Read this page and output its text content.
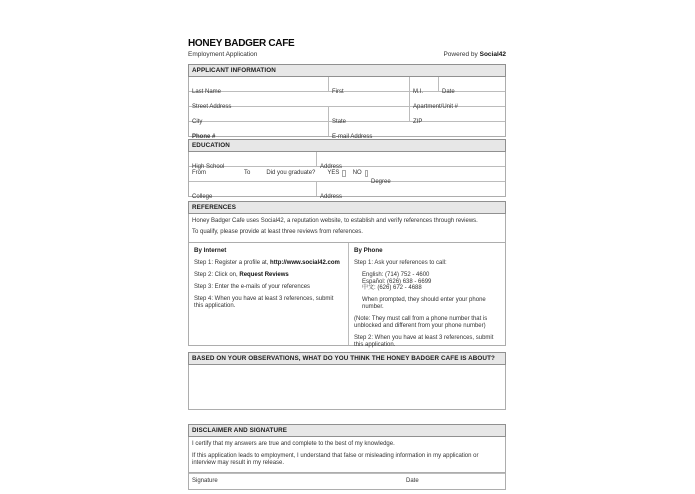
HONEY BADGER CAFE
Employment Application	Powered by Social42
APPLICANT INFORMATION
Last Name	First	M.I.	Date
Street Address	Apartment/Unit #
City	State	ZIP
Phone #	E-mail Address
EDUCATION
High School	Address
From	To	Did you graduate? YES NO
Degree
College	Address
REFERENCES

Honey Badger Cafe uses Social42, a reputation website, to establish and verify references through reviews.

To qualify, please provide at least three reviews from references.

By Internet

Step 1: Register a profile at, http://www.social42.com

Step 2: Click on, Request Reviews

Step 3: Enter the e-mails of your references

Step 4: When you have at least 3 references, submit this application.

By Phone

Step 1: Ask your references to call:

English: (714) 752 - 4600
Español: (626) 638 - 6699
中文: (626) 672 - 4688

When prompted, they should enter your phone number.

(Note: They must call from a phone number that is unblocked and different from your phone number)

Step 2: When you have at least 3 references, submit this application.

BASED ON YOUR OBSERVATIONS, WHAT DO YOU THINK THE HONEY BADGER CAFE IS ABOUT?
DISCLAIMER AND SIGNATURE

I certify that my answers are true and complete to the best of my knowledge.

If this application leads to employment, I understand that false or misleading information in my application or interview may result in my release.

Signature	Date
